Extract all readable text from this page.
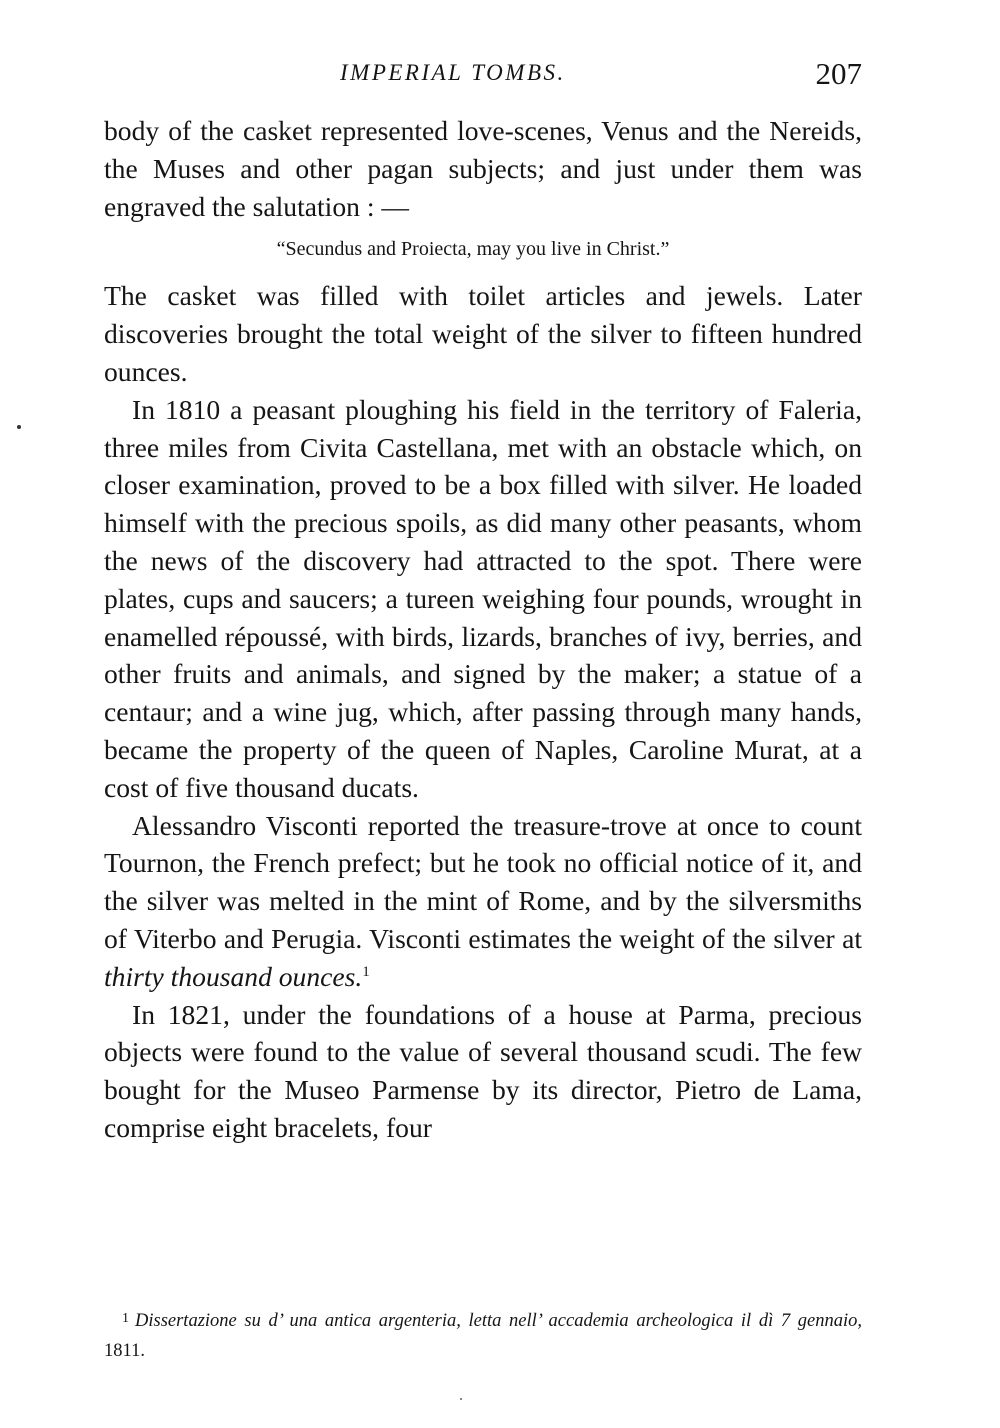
IMPERIAL TOMBS.	207

body of the casket represented love-scenes, Venus and the Nereids, the Muses and other pagan subjects; and just under them was engraved the salutation : —

“Secundus and Proiecta, may you live in Christ.”

The casket was filled with toilet articles and jewels. Later discoveries brought the total weight of the silver to fifteen hundred ounces.

In 1810 a peasant ploughing his field in the territory of Faleria, three miles from Civita Castellana, met with an obstacle which, on closer examination, proved to be a box filled with silver. He loaded himself with the precious spoils, as did many other peasants, whom the news of the discovery had attracted to the spot. There were plates, cups and saucers; a tureen weighing four pounds, wrought in enamelled répoussé, with birds, lizards, branches of ivy, berries, and other fruits and animals, and signed by the maker; a statue of a centaur; and a wine jug, which, after passing through many hands, became the property of the queen of Naples, Caroline Murat, at a cost of five thousand ducats.

Alessandro Visconti reported the treasure-trove at once to count Tournon, the French prefect; but he took no official notice of it, and the silver was melted in the mint of Rome, and by the silversmiths of Viterbo and Perugia. Visconti estimates the weight of the silver at thirty thousand ounces.$^1$

In 1821, under the foundations of a house at Parma, precious objects were found to the value of several thousand scudi. The few bought for the Museo Parmense by its director, Pietro de Lama, comprise eight bracelets, four

$^1$ Dissertazione su d’ una antica argenteria, letta nell’ accademia archeologica il dì 7 gennaio, 1811.
